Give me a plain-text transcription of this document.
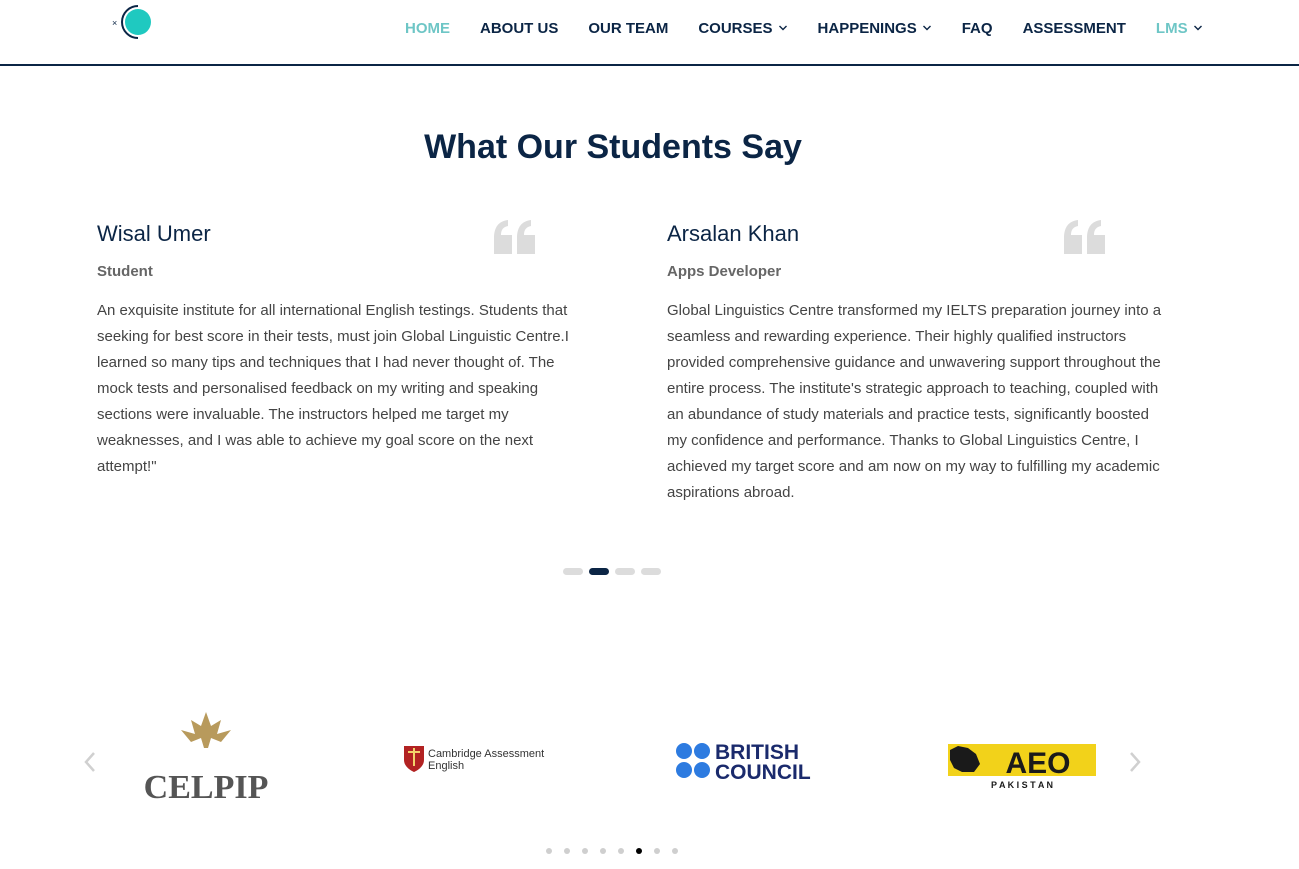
×	HOME ABOUT US OUR TEAM COURSES	HAPPENINGS	FAQ ASSESSMENT LMS
What Our Students Say
Wisal Umer
Student

An exquisite institute for all international English testings. Students that seeking for best score in their tests, must join Global Linguistic Centre.I learned so many tips and techniques that I had never thought of. The mock tests and personalised feedback on my writing and speaking sections were invaluable. The instructors helped me target my weaknesses, and I was able to achieve my goal score on the next attempt!"

Arsalan Khan
Apps Developer

Global Linguistics Centre transformed my IELTS preparation journey into a seamless and rewarding experience. Their highly qualified instructors provided comprehensive guidance and unwavering support throughout the entire process. The institute's strategic approach to teaching, coupled with an abundance of study materials and practice tests, significantly boosted my confidence and performance. Thanks to Global Linguistics Centre, I achieved my target score and am now on my way to fulfilling my academic aspirations abroad.

CELPIP
Cambridge Assessment
English
BRITISH
COUNCIL	AEO
P A K I S T A N
